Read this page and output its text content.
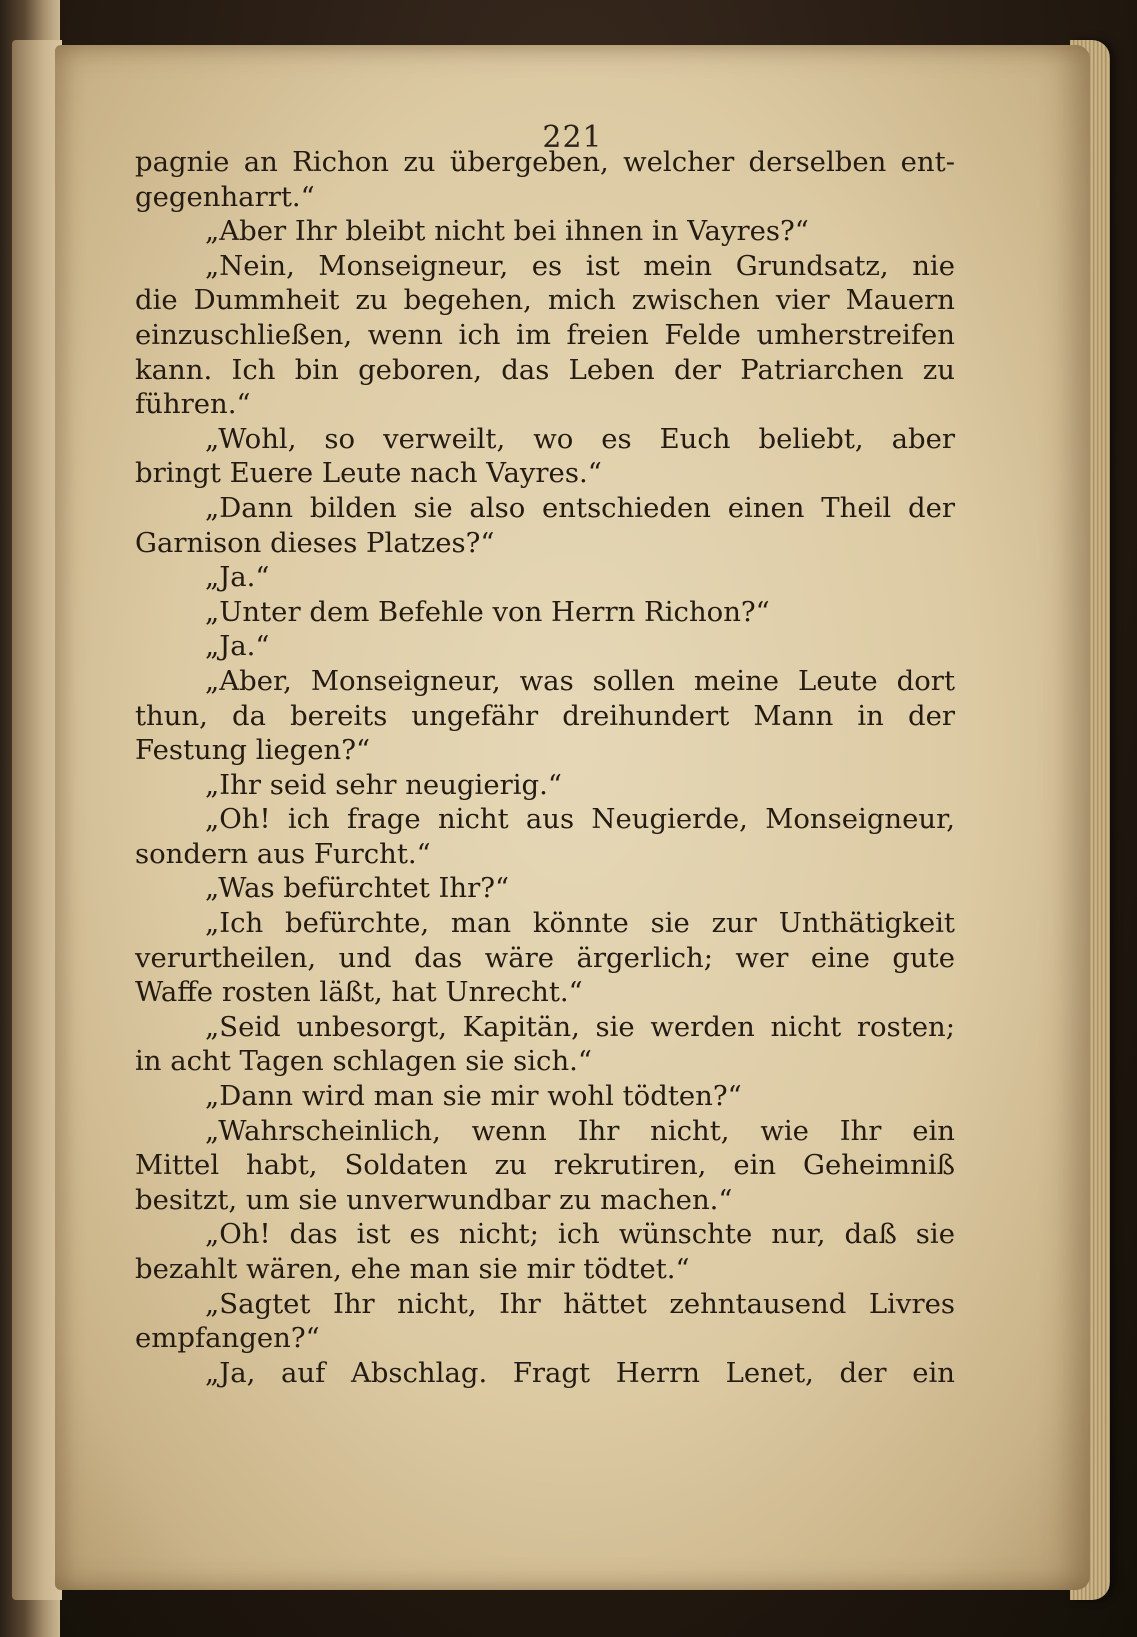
221
pagnie an Richon zu übergeben, welcher derselben ent-
gegenharrt.“
„Aber Ihr bleibt nicht bei ihnen in Vayres?“
„Nein, Monseigneur, es ist mein Grundsatz, nie
die Dummheit zu begehen, mich zwischen vier Mauern
einzuschließen, wenn ich im freien Felde umherstreifen
kann. Ich bin geboren, das Leben der Patriarchen zu
führen.“
„Wohl, so verweilt, wo es Euch beliebt, aber
bringt Euere Leute nach Vayres.“
„Dann bilden sie also entschieden einen Theil der
Garnison dieses Platzes?“
„Ja.“
„Unter dem Befehle von Herrn Richon?“
„Ja.“
„Aber, Monseigneur, was sollen meine Leute dort
thun, da bereits ungefähr dreihundert Mann in der
Festung liegen?“
„Ihr seid sehr neugierig.“
„Oh! ich frage nicht aus Neugierde, Monseigneur,
sondern aus Furcht.“
„Was befürchtet Ihr?“
„Ich befürchte, man könnte sie zur Unthätigkeit
verurtheilen, und das wäre ärgerlich; wer eine gute
Waffe rosten läßt, hat Unrecht.“
„Seid unbesorgt, Kapitän, sie werden nicht rosten;
in acht Tagen schlagen sie sich.“
„Dann wird man sie mir wohl tödten?“
„Wahrscheinlich, wenn Ihr nicht, wie Ihr ein
Mittel habt, Soldaten zu rekrutiren, ein Geheimniß
besitzt, um sie unverwundbar zu machen.“
„Oh! das ist es nicht; ich wünschte nur, daß sie
bezahlt wären, ehe man sie mir tödtet.“
„Sagtet Ihr nicht, Ihr hättet zehntausend Livres
empfangen?“
„Ja, auf Abschlag. Fragt Herrn Lenet, der ein
